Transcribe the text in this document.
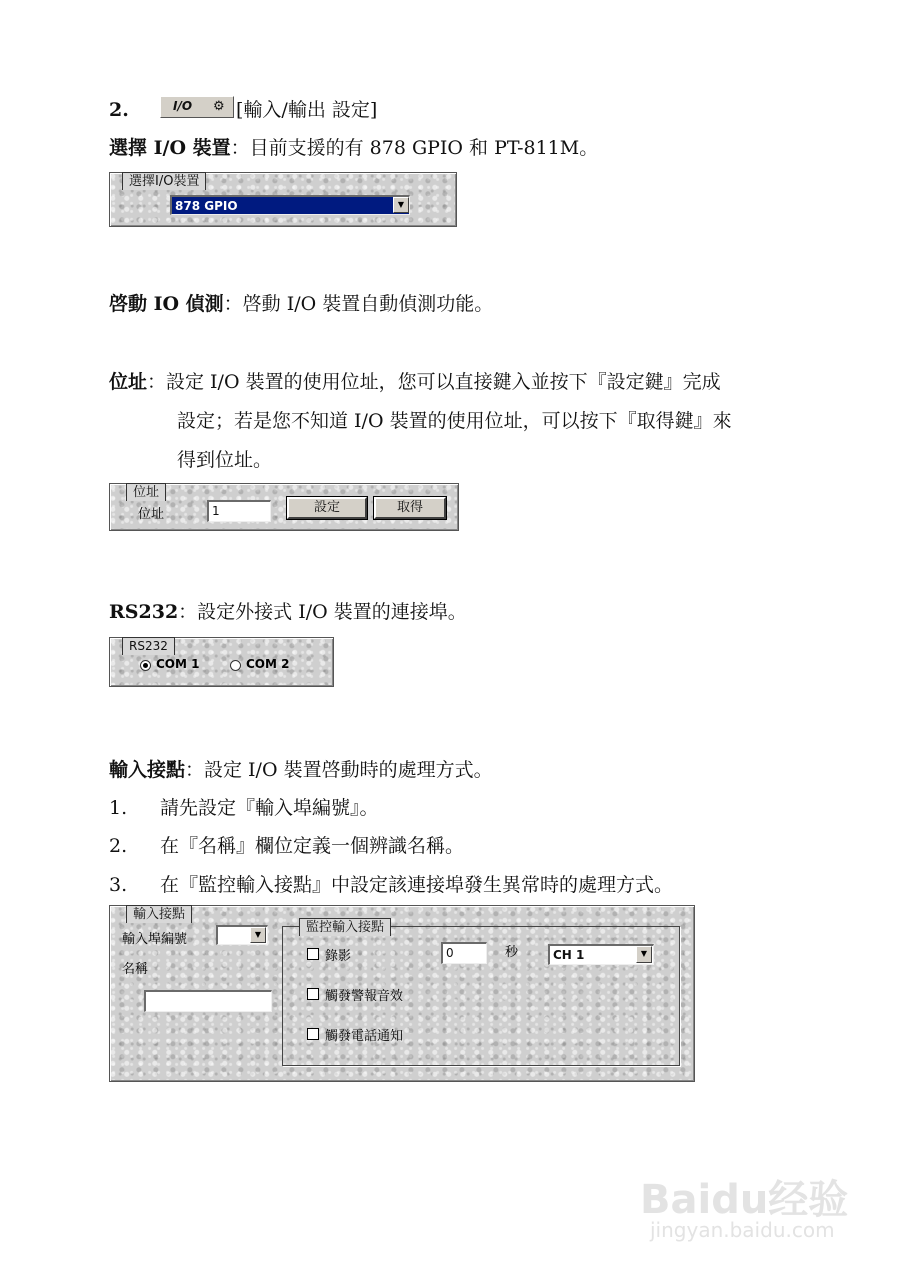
2.	I/O ⚙ [輸入/輸出 設定]
選擇 I/O 裝置：目前支援的有 878 GPIO 和 PT-811M。
選擇I/O裝置
878 GPIO	▼
啓動 IO 偵測：啓動 I/O 裝置自動偵測功能。
位址：設定 I/O 裝置的使用位址，您可以直接鍵入並按下『設定鍵』完成
設定；若是您不知道 I/O 裝置的使用位址，可以按下『取得鍵』來
得到位址。
位址
位址	1	設定	取得
RS232：設定外接式 I/O 裝置的連接埠。
RS232
COM 1	COM 2
輸入接點：設定 I/O 裝置啓動時的處理方式。
1. 請先設定『輸入埠編號』。
2. 在『名稱』欄位定義一個辨識名稱。
3. 在『監控輸入接點』中設定該連接埠發生異常時的處理方式。
輸入接點
輸入埠編號	▼
名稱
監控輸入接點
錄影	0	秒	CH 1	▼
觸發警報音效
觸發電話通知
Baidu经验
jingyan.baidu.com
